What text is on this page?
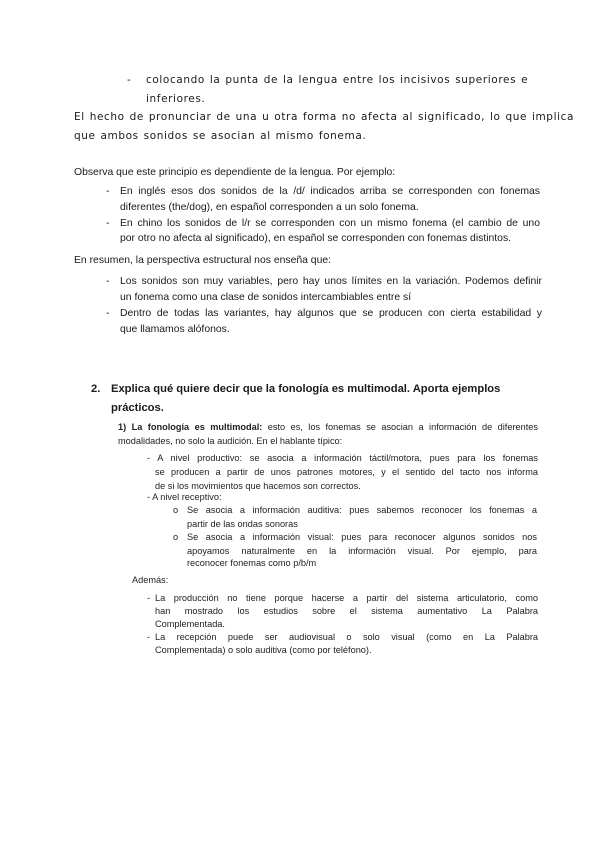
- colocando la punta de la lengua entre los incisivos superiores e
inferiores.
El hecho de pronunciar de una u otra forma no afecta al significado, lo que implica
que ambos sonidos se asocian al mismo fonema.
Observa que este principio es dependiente de la lengua. Por ejemplo:
- En inglés esos dos sonidos de la /d/ indicados arriba se corresponden con fonemas
diferentes (the/dog), en español corresponden a un solo fonema.
- En chino los sonidos de l/r se corresponden con un mismo fonema (el cambio de uno
por otro no afecta al significado), en español se corresponden con fonemas distintos.
En resumen, la perspectiva estructural nos enseña que:
- Los sonidos son muy variables, pero hay unos límites en la variación. Podemos definir
un fonema como una clase de sonidos intercambiables entre sí
- Dentro de todas las variantes, hay algunos que se producen con cierta estabilidad y
que llamamos alófonos.
2. Explica qué quiere decir que la fonología es multimodal. Aporta ejemplos
prácticos.
1) La fonología es multimodal: esto es, los fonemas se asocian a información de diferentes
modalidades, no solo la audición. En el hablante típico:
- A nivel productivo: se asocia a información táctil/motora, pues para los fonemas
se producen a partir de unos patrones motores, y el sentido del tacto nos informa
de si los movimientos que hacemos son correctos.
- A nivel receptivo:
o Se asocia a información auditiva: pues sabemos reconocer los fonemas a
partir de las ondas sonoras
o Se asocia a información visual: pues para reconocer algunos sonidos nos
apoyamos naturalmente en la información visual. Por ejemplo, para
reconocer fonemas como p/b/m
Además:
- La producción no tiene porque hacerse a partir del sistema articulatorio, como
han mostrado los estudios sobre el sistema aumentativo La Palabra
Complementada.
- La recepción puede ser audiovisual o solo visual (como en La Palabra
Complementada) o solo auditiva (como por teléfono).
